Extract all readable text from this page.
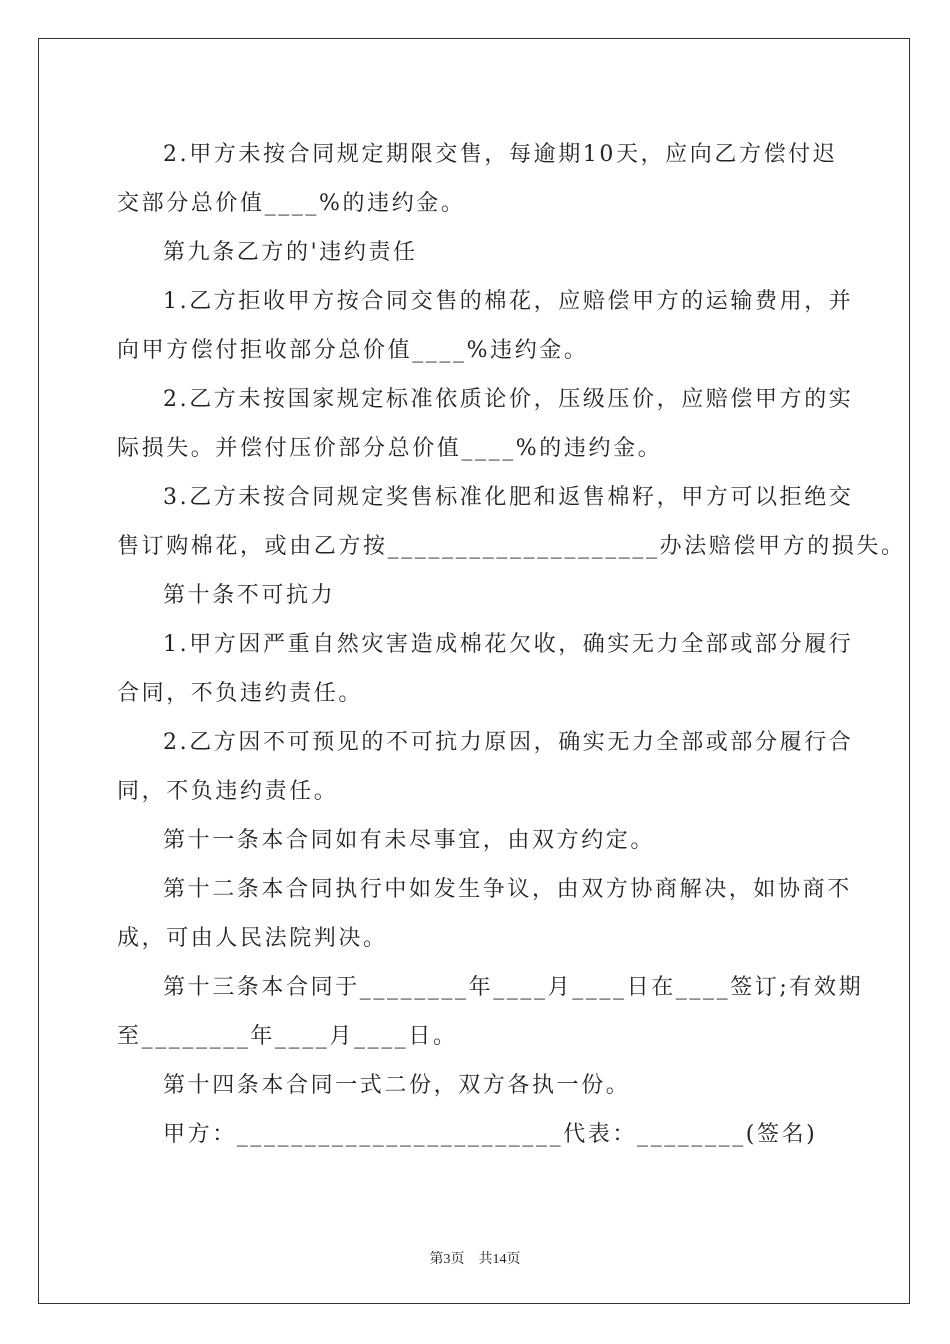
2.甲方未按合同规定期限交售，每逾期10天，应向乙方偿付迟
交部分总价值____%的违约金。
第九条乙方的'违约责任
1.乙方拒收甲方按合同交售的棉花，应赔偿甲方的运输费用，并
向甲方偿付拒收部分总价值____%违约金。
2.乙方未按国家规定标准依质论价，压级压价，应赔偿甲方的实
际损失。并偿付压价部分总价值____%的违约金。
3.乙方未按合同规定奖售标准化肥和返售棉籽，甲方可以拒绝交
售订购棉花，或由乙方按____________________办法赔偿甲方的损失。
第十条不可抗力
1.甲方因严重自然灾害造成棉花欠收，确实无力全部或部分履行
合同，不负违约责任。
2.乙方因不可预见的不可抗力原因，确实无力全部或部分履行合
同，不负违约责任。
第十一条本合同如有未尽事宜，由双方约定。
第十二条本合同执行中如发生争议，由双方协商解决，如协商不
成，可由人民法院判决。
第十三条本合同于________年____月____日在____签订;有效期
至________年____月____日。
第十四条本合同一式二份，双方各执一份。
甲方：________________________代表：________(签名)
第3页 共14页
